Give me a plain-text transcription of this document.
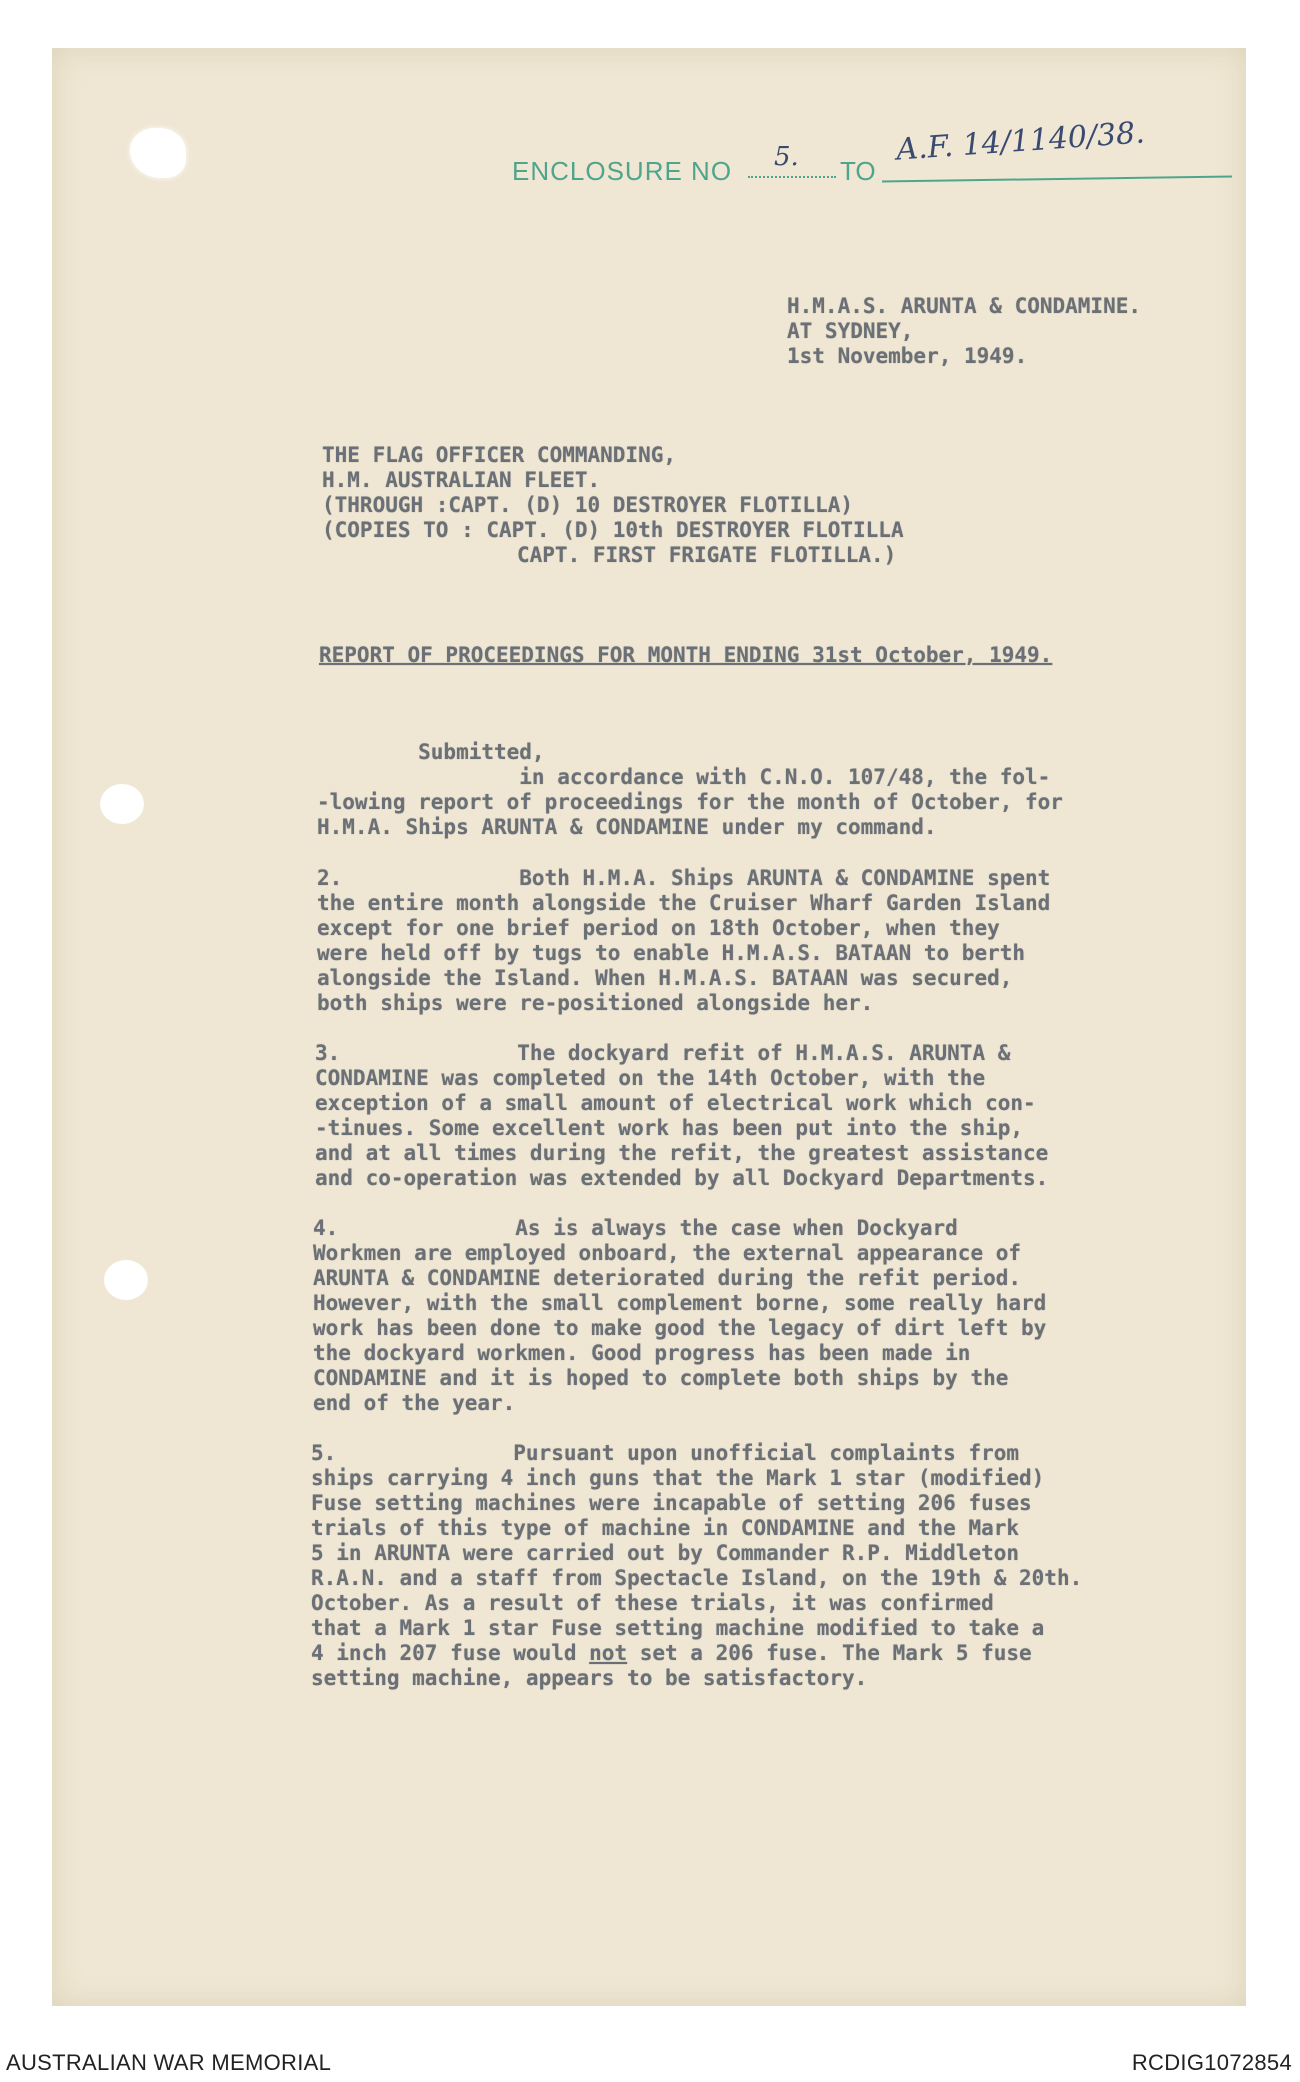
ENCLOSURE NO 5. TO
A.F. 14/1140/38.
H.M.A.S. ARUNTA & CONDAMINE.
AT SYDNEY,
1st November, 1949.
THE FLAG OFFICER COMMANDING,
H.M. AUSTRALIAN FLEET.
(THROUGH :CAPT. (D) 10 DESTROYER FLOTILLA)
(COPIES TO : CAPT. (D) 10th DESTROYER FLOTILLA
CAPT. FIRST FRIGATE FLOTILLA.)
REPORT OF PROCEEDINGS FOR MONTH ENDING 31st October, 1949.
Submitted,
in accordance with C.N.O. 107/48, the fol-
-lowing report of proceedings for the month of October, for
H.M.A. Ships ARUNTA & CONDAMINE under my command.
2.              Both H.M.A. Ships ARUNTA & CONDAMINE spent
the entire month alongside the Cruiser Wharf Garden Island
except for one brief period on 18th October, when they
were held off by tugs to enable H.M.A.S. BATAAN to berth
alongside the Island. When H.M.A.S. BATAAN was secured,
both ships were re-positioned alongside her.
3.              The dockyard refit of H.M.A.S. ARUNTA &
CONDAMINE was completed on the 14th October, with the
exception of a small amount of electrical work which con-
-tinues. Some excellent work has been put into the ship,
and at all times during the refit, the greatest assistance
and co-operation was extended by all Dockyard Departments.
4.              As is always the case when Dockyard
Workmen are employed onboard, the external appearance of
ARUNTA & CONDAMINE deteriorated during the refit period.
However, with the small complement borne, some really hard
work has been done to make good the legacy of dirt left by
the dockyard workmen. Good progress has been made in
CONDAMINE and it is hoped to complete both ships by the
end of the year.
5.              Pursuant upon unofficial complaints from
ships carrying 4 inch guns that the Mark 1 star (modified)
Fuse setting machines were incapable of setting 206 fuses
trials of this type of machine in CONDAMINE and the Mark
5 in ARUNTA were carried out by Commander R.P. Middleton
R.A.N. and a staff from Spectacle Island, on the 19th & 20th.
October. As a result of these trials, it was confirmed
that a Mark 1 star Fuse setting machine modified to take a
4 inch 207 fuse would not set a 206 fuse. The Mark 5 fuse
setting machine, appears to be satisfactory.
AUSTRALIAN WAR MEMORIAL	RCDIG1072854
